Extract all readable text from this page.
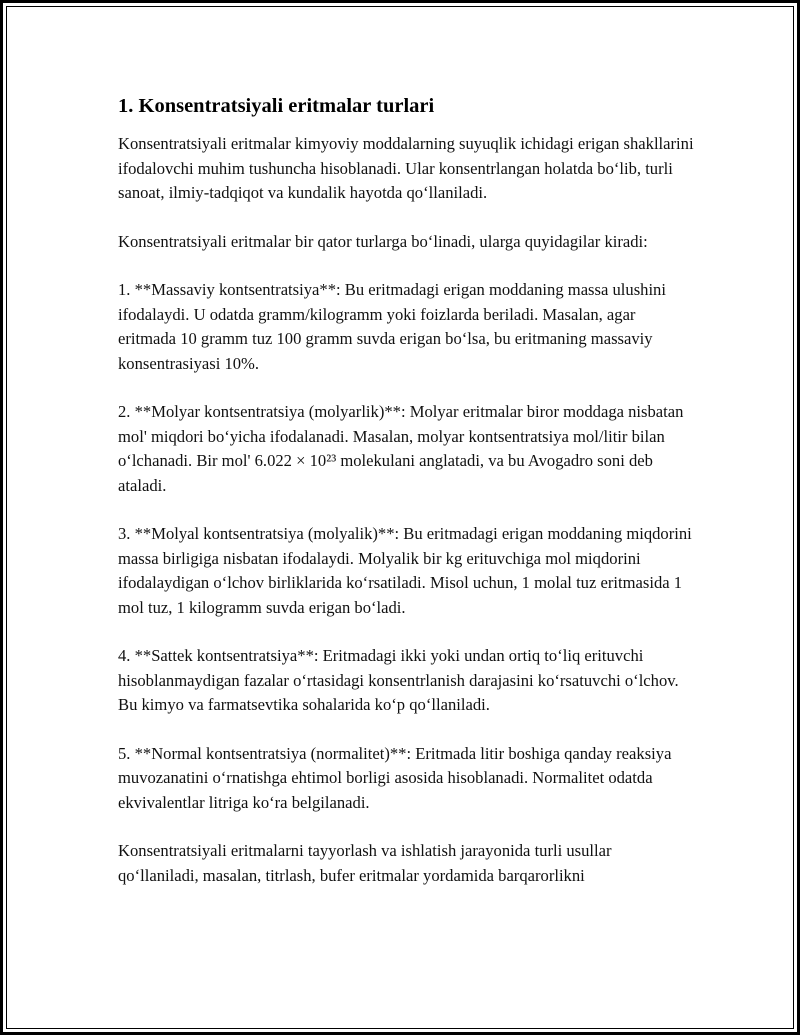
1. Konsentratsiyali eritmalar turlari

Konsentratsiyali eritmalar kimyoviy moddalarning suyuqlik ichidagi erigan shakllarini ifodalovchi muhim tushuncha hisoblanadi. Ular konsentrlangan holatda bo‘lib, turli sanoat, ilmiy-tadqiqot va kundalik hayotda qo‘llaniladi.

Konsentratsiyali eritmalar bir qator turlarga bo‘linadi, ularga quyidagilar kiradi:

1. **Massaviy kontsentratsiya**: Bu eritmadagi erigan moddaning massa ulushini ifodalaydi. U odatda gramm/kilogramm yoki foizlarda beriladi. Masalan, agar eritmada 10 gramm tuz 100 gramm suvda erigan bo‘lsa, bu eritmaning massaviy konsentrasiyasi 10%.

2. **Molyar kontsentratsiya (molyarlik)**: Molyar eritmalar biror moddaga nisbatan mol' miqdori bo‘yicha ifodalanadi. Masalan, molyar kontsentratsiya mol/litir bilan o‘lchanadi. Bir mol' 6.022 × 10²³ molekulani anglatadi, va bu Avogadro soni deb ataladi.

3. **Molyal kontsentratsiya (molyalik)**: Bu eritmadagi erigan moddaning miqdorini massa birligiga nisbatan ifodalaydi. Molyalik bir kg erituvchiga mol miqdorini ifodalaydigan o‘lchov birliklarida ko‘rsatiladi. Misol uchun, 1 molal tuz eritmasida 1 mol tuz, 1 kilogramm suvda erigan bo‘ladi.

4. **Sattek kontsentratsiya**: Eritmadagi ikki yoki undan ortiq to‘liq erituvchi hisoblanmaydigan fazalar o‘rtasidagi konsentrlanish darajasini ko‘rsatuvchi o‘lchov. Bu kimyo va farmatsevtika sohalarida ko‘p qo‘llaniladi.

5. **Normal kontsentratsiya (normalitet)**: Eritmada litir boshiga qanday reaksiya muvozanatini o‘rnatishga ehtimol borligi asosida hisoblanadi. Normalitet odatda ekvivalentlar litriga ko‘ra belgilanadi.

Konsentratsiyali eritmalarni tayyorlash va ishlatish jarayonida turli usullar qo‘llaniladi, masalan, titrlash, bufer eritmalar yordamida barqarorlikni
